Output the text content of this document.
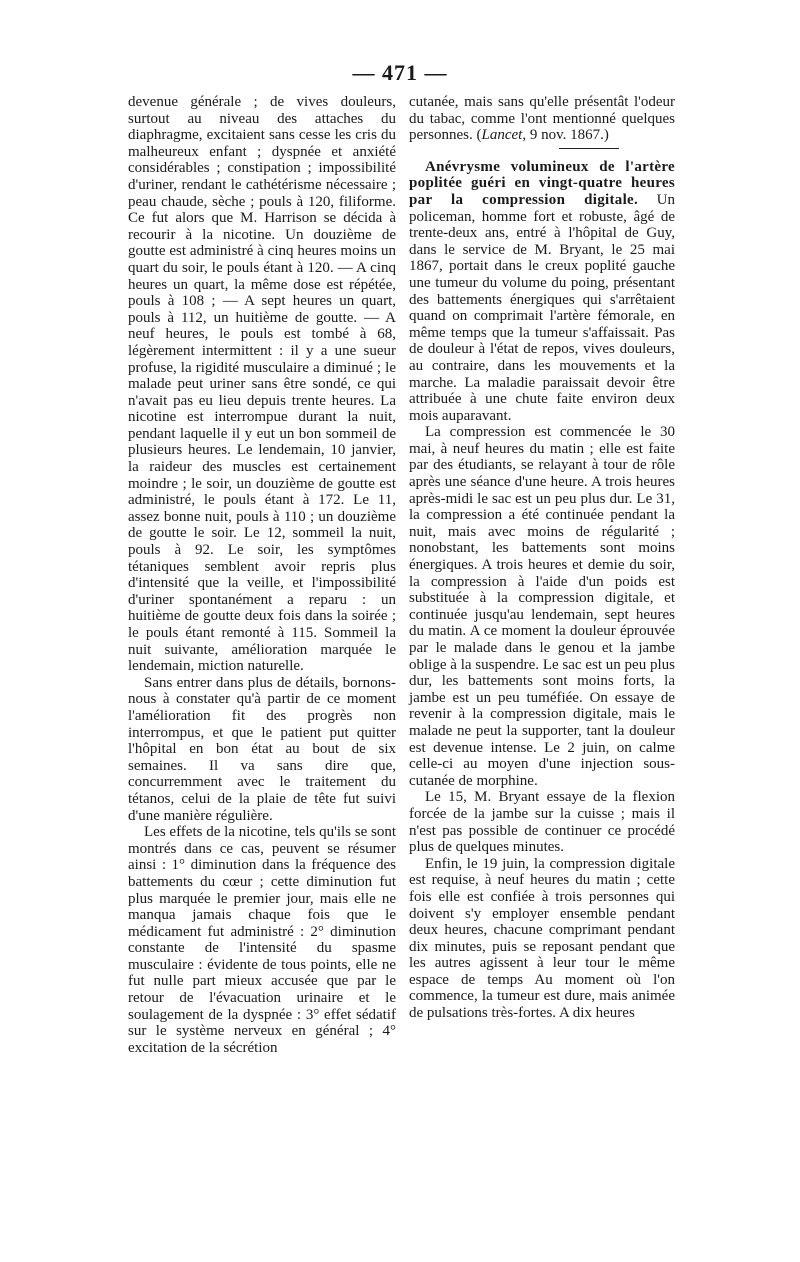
— 471 —

devenue générale ; de vives douleurs, surtout au niveau des attaches du diaphragme, excitaient sans cesse les cris du malheureux enfant ; dyspnée et anxiété considérables ; constipation ; impossibilité d'uriner, rendant le cathétérisme nécessaire ; peau chaude, sèche ; pouls à 120, filiforme. Ce fut alors que M. Harrison se décida à recourir à la nicotine. Un douzième de goutte est administré à cinq heures moins un quart du soir, le pouls étant à 120. — A cinq heures un quart, la même dose est répétée, pouls à 108 ; — A sept heures un quart, pouls à 112, un huitième de goutte. — A neuf heures, le pouls est tombé à 68, légèrement intermittent : il y a une sueur profuse, la rigidité musculaire a diminué ; le malade peut uriner sans être sondé, ce qui n'avait pas eu lieu depuis trente heures. La nicotine est interrompue durant la nuit, pendant laquelle il y eut un bon sommeil de plusieurs heures. Le lendemain, 10 janvier, la raideur des muscles est certainement moindre ; le soir, un douzième de goutte est administré, le pouls étant à 172. Le 11, assez bonne nuit, pouls à 110 ; un douzième de goutte le soir. Le 12, sommeil la nuit, pouls à 92. Le soir, les symptômes tétaniques semblent avoir repris plus d'intensité que la veille, et l'impossibilité d'uriner spontanément a reparu : un huitième de goutte deux fois dans la soirée ; le pouls étant remonté à 115. Sommeil la nuit suivante, amélioration marquée le lendemain, miction naturelle.

Sans entrer dans plus de détails, bornons-nous à constater qu'à partir de ce moment l'amélioration fit des progrès non interrompus, et que le patient put quitter l'hôpital en bon état au bout de six semaines. Il va sans dire que, concurremment avec le traitement du tétanos, celui de la plaie de tête fut suivi d'une manière régulière.

Les effets de la nicotine, tels qu'ils se sont montrés dans ce cas, peuvent se résumer ainsi : 1° diminution dans la fréquence des battements du cœur ; cette diminution fut plus marquée le premier jour, mais elle ne manqua jamais chaque fois que le médicament fut administré : 2° diminution constante de l'intensité du spasme musculaire : évidente de tous points, elle ne fut nulle part mieux accusée que par le retour de l'évacuation urinaire et le soulagement de la dyspnée : 3° effet sédatif sur le système nerveux en général ; 4° excitation de la sécrétion

cutanée, mais sans qu'elle présentât l'odeur du tabac, comme l'ont mentionné quelques personnes. (Lancet, 9 nov. 1867.)

Anévrysme volumineux de l'artère poplitée guéri en vingt-quatre heures par la compression digitale. Un policeman, homme fort et robuste, âgé de trente-deux ans, entré à l'hôpital de Guy, dans le service de M. Bryant, le 25 mai 1867, portait dans le creux poplité gauche une tumeur du volume du poing, présentant des battements énergiques qui s'arrêtaient quand on comprimait l'artère fémorale, en même temps que la tumeur s'affaissait. Pas de douleur à l'état de repos, vives douleurs, au contraire, dans les mouvements et la marche. La maladie paraissait devoir être attribuée à une chute faite environ deux mois auparavant.

La compression est commencée le 30 mai, à neuf heures du matin ; elle est faite par des étudiants, se relayant à tour de rôle après une séance d'une heure. A trois heures après-midi le sac est un peu plus dur. Le 31, la compression a été continuée pendant la nuit, mais avec moins de régularité ; nonobstant, les battements sont moins énergiques. A trois heures et demie du soir, la compression à l'aide d'un poids est substituée à la compression digitale, et continuée jusqu'au lendemain, sept heures du matin. A ce moment la douleur éprouvée par le malade dans le genou et la jambe oblige à la suspendre. Le sac est un peu plus dur, les battements sont moins forts, la jambe est un peu tuméfiée. On essaye de revenir à la compression digitale, mais le malade ne peut la supporter, tant la douleur est devenue intense. Le 2 juin, on calme celle-ci au moyen d'une injection sous-cutanée de morphine.

Le 15, M. Bryant essaye de la flexion forcée de la jambe sur la cuisse ; mais il n'est pas possible de continuer ce procédé plus de quelques minutes.

Enfin, le 19 juin, la compression digitale est requise, à neuf heures du matin ; cette fois elle est confiée à trois personnes qui doivent s'y employer ensemble pendant deux heures, chacune comprimant pendant dix minutes, puis se reposant pendant que les autres agissent à leur tour le même espace de temps Au moment où l'on commence, la tumeur est dure, mais animée de pulsations très-fortes. A dix heures
